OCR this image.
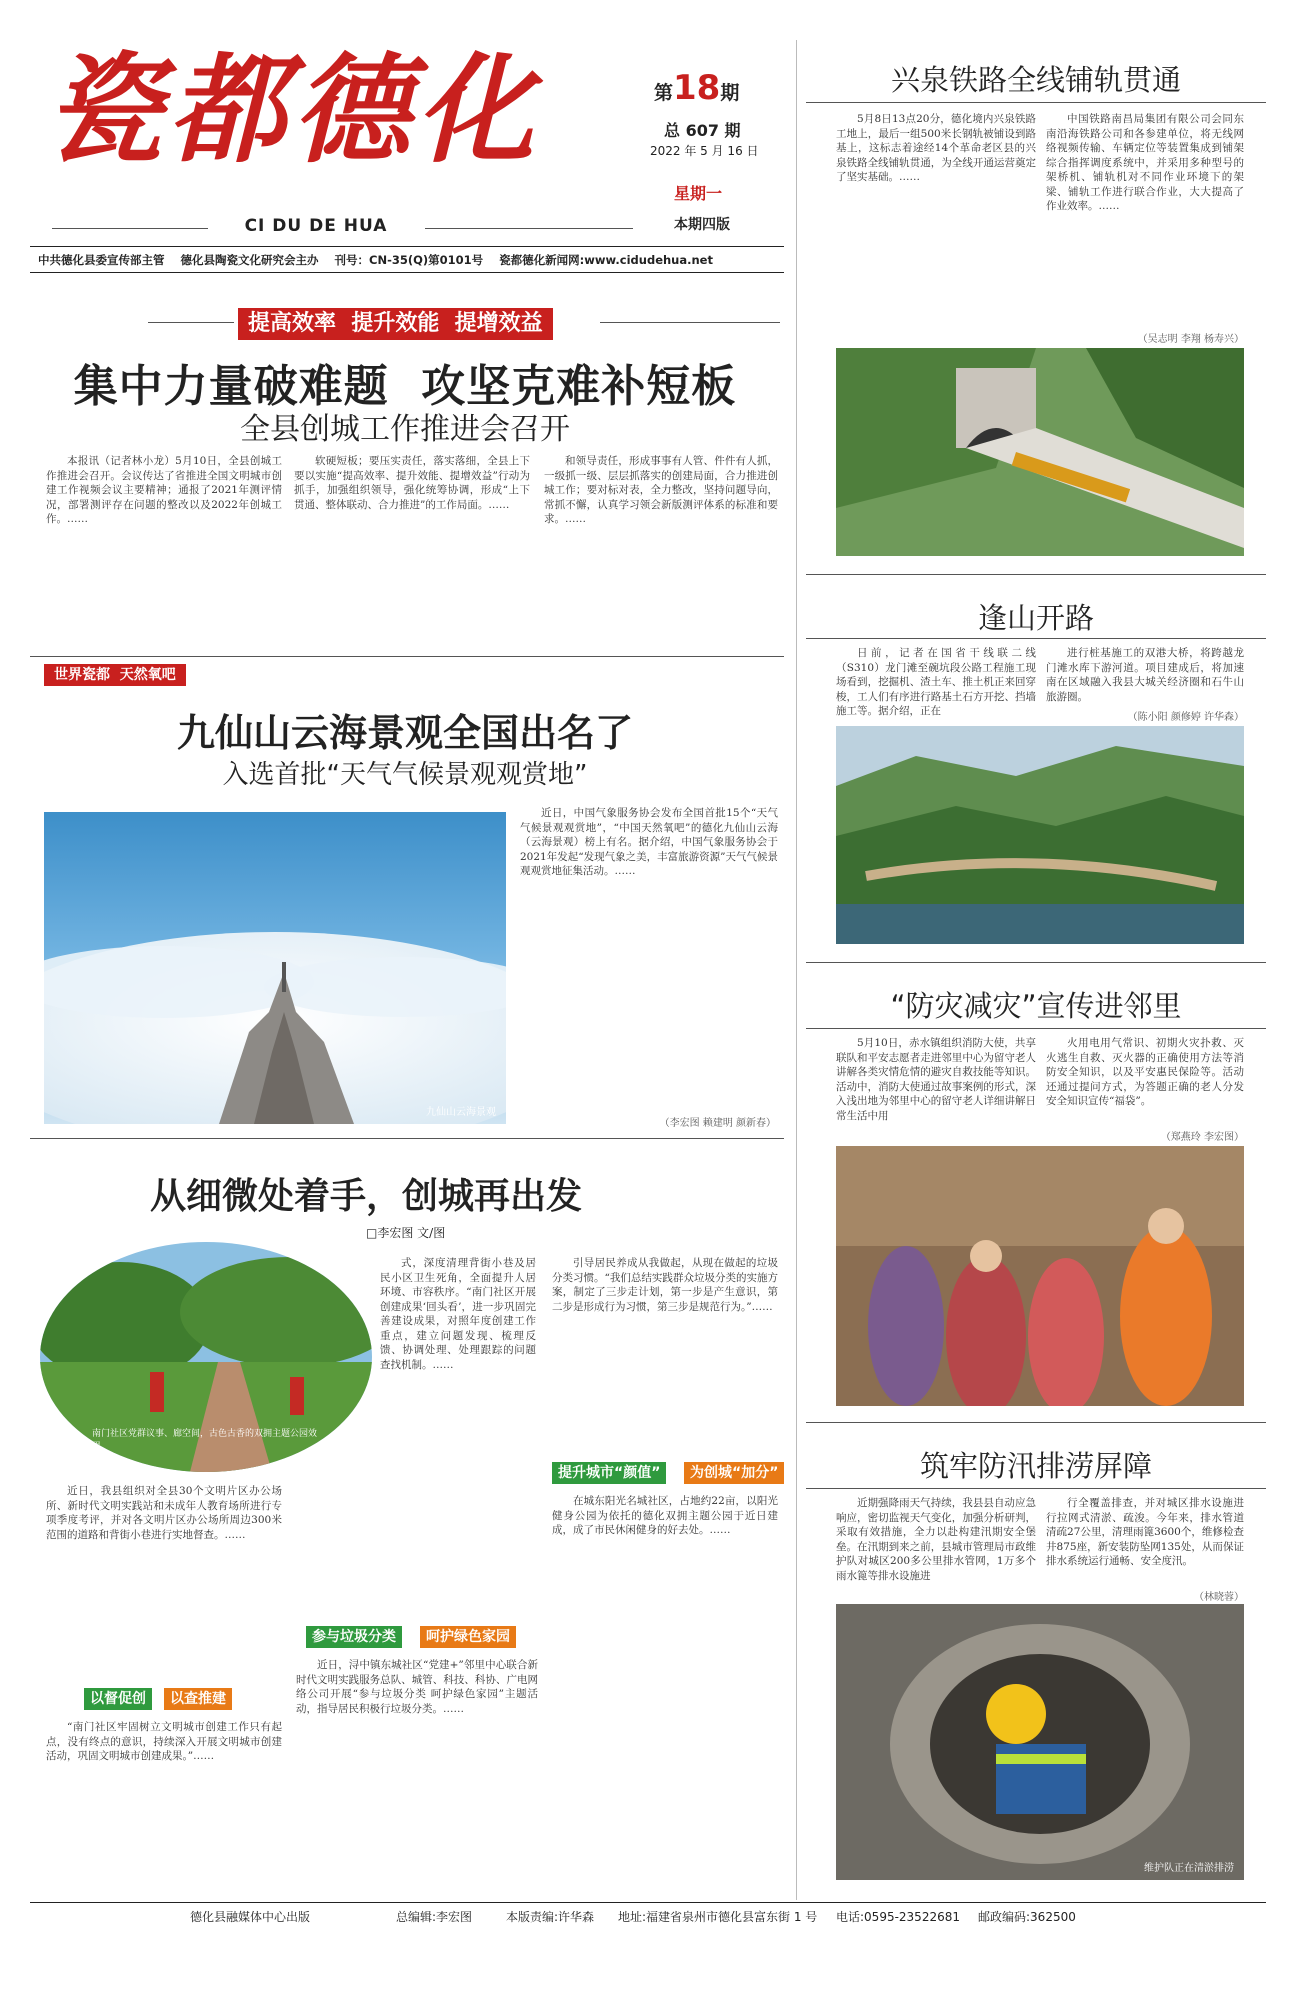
瓷都德化
CI DU DE HUA
第18期
总 607 期
2022 年 5 月 16 日
星期一
本期四版
中共德化县委宣传部主管    德化县陶瓷文化研究会主办    刊号：CN-35(Q)第0101号    瓷都德化新闻网:www.cidudehua.net
提高效率  提升效能  提增效益
集中力量破难题  攻坚克难补短板
全县创城工作推进会召开

本报讯（记者林小龙）5月10日，全县创城工作推进会召开。会议传达了省推进全国文明城市创建工作视频会议主要精神；通报了2021年测评情况，部署测评存在问题的整改以及2022年创城工作。……

软硬短板；要压实责任，落实落细，全县上下要以实施“提高效率、提升效能、提增效益”行动为抓手，加强组织领导，强化统筹协调，形成“上下贯通、整体联动、合力推进”的工作局面。……

和领导责任，形成事事有人管、件件有人抓，一级抓一级、层层抓落实的创建局面，合力推进创城工作；要对标对表，全力整改，坚持问题导向，常抓不懈，认真学习领会新版测评体系的标准和要求。……

世界瓷都  天然氧吧
九仙山云海景观全国出名了
入选首批“天气气候景观观赏地”
九仙山云海景观

近日，中国气象服务协会发布全国首批15个“天气气候景观观赏地”，“中国天然氧吧”的德化九仙山云海（云海景观）榜上有名。据介绍，中国气象服务协会于2021年发起“发现气象之美，丰富旅游资源”天气气候景观观赏地征集活动。……

（李宏图 赖建明 颜新春）
从细微处着手，创城再出发
□李宏图 文/图
南门社区党群议事、廊空间，古色古香的双拥主题公园效果。

近日，我县组织对全县30个文明片区办公场所、新时代文明实践站和未成年人教育场所进行专项季度考评，并对各文明片区办公场所周边300米范围的道路和背街小巷进行实地督查。……

以督促创	以查推建

“南门社区牢固树立文明城市创建工作只有起点，没有终点的意识，持续深入开展文明城市创建活动，巩固文明城市创建成果。”……

式，深度清理背街小巷及居民小区卫生死角，全面提升人居环境、市容秩序。“南门社区开展创建成果‘回头看’，进一步巩固完善建设成果，对照年度创建工作重点，建立问题发现、梳理反馈、协调处理、处理跟踪的问题查找机制。……

参与垃圾分类	呵护绿色家园

近日，浔中镇东城社区“党建+”邻里中心联合新时代文明实践服务总队、城管、科技、科协、广电网络公司开展“参与垃圾分类 呵护绿色家园”主题活动，指导居民积极行垃圾分类。……

引导居民养成从我做起，从现在做起的垃圾分类习惯。“我们总结实践群众垃圾分类的实施方案，制定了三步走计划，第一步是产生意识，第二步是形成行为习惯，第三步是规范行为。”……

提升城市“颜值”	为创城“加分”

在城东阳光名城社区，占地约22亩，以阳光健身公园为依托的德化双拥主题公园于近日建成，成了市民休闲健身的好去处。……

兴泉铁路全线铺轨贯通

5月8日13点20分，德化境内兴泉铁路工地上，最后一组500米长钢轨被铺设到路基上，这标志着途经14个革命老区县的兴泉铁路全线铺轨贯通，为全线开通运营奠定了坚实基础。……

中国铁路南昌局集团有限公司会同东南沿海铁路公司和各参建单位，将无线网络视频传输、车辆定位等装置集成到铺架综合指挥调度系统中，并采用多种型号的架桥机、铺轨机对不同作业环境下的架梁、铺轨工作进行联合作业，大大提高了作业效率。……

（吴志明 李翔 杨寿兴）
逢山开路

日前，记者在国省干线联二线（S310）龙门滩至碗坑段公路工程施工现场看到，挖掘机、渣土车、推土机正来回穿梭，工人们有序进行路基土石方开挖、挡墙施工等。据介绍，正在

进行桩基施工的双港大桥，将跨越龙门滩水库下游河道。项目建成后，将加速南在区域融入我县大城关经济圈和石牛山旅游圈。

（陈小阳 颜修婷 许华森）
“防灾减灾”宣传进邻里

5月10日，赤水镇组织消防大使，共享联队和平安志愿者走进邻里中心为留守老人讲解各类灾情危情的避灾自救技能等知识。活动中，消防大使通过故事案例的形式，深入浅出地为邻里中心的留守老人详细讲解日常生活中用

火用电用气常识、初期火灾扑救、灭火逃生自救、灭火器的正确使用方法等消防安全知识，以及平安惠民保险等。活动还通过提问方式，为答题正确的老人分发安全知识宣传“福袋”。

（郑燕玲 李宏图）
筑牢防汛排涝屏障

近期强降雨天气持续，我县县自动应急响应，密切监视天气变化，加强分析研判，采取有效措施，全力以赴构建汛期安全堡垒。在汛期到来之前，县城市管理局市政维护队对城区200多公里排水管网，1万多个雨水篦等排水设施进

行全覆盖排查，并对城区排水设施进行拉网式清淤、疏浚。今年来，排水管道清疏27公里，清理雨篦3600个，维修检查井875座，新安装防坠网135处，从而保证排水系统运行通畅、安全度汛。

（林晓蓉）
维护队正在清淤排涝
德化县融媒体中心出版	总编辑:李宏图	本版责编:许华森 地址:福建省泉州市德化县富东街 1 号 电话:0595-23522681 邮政编码:362500
